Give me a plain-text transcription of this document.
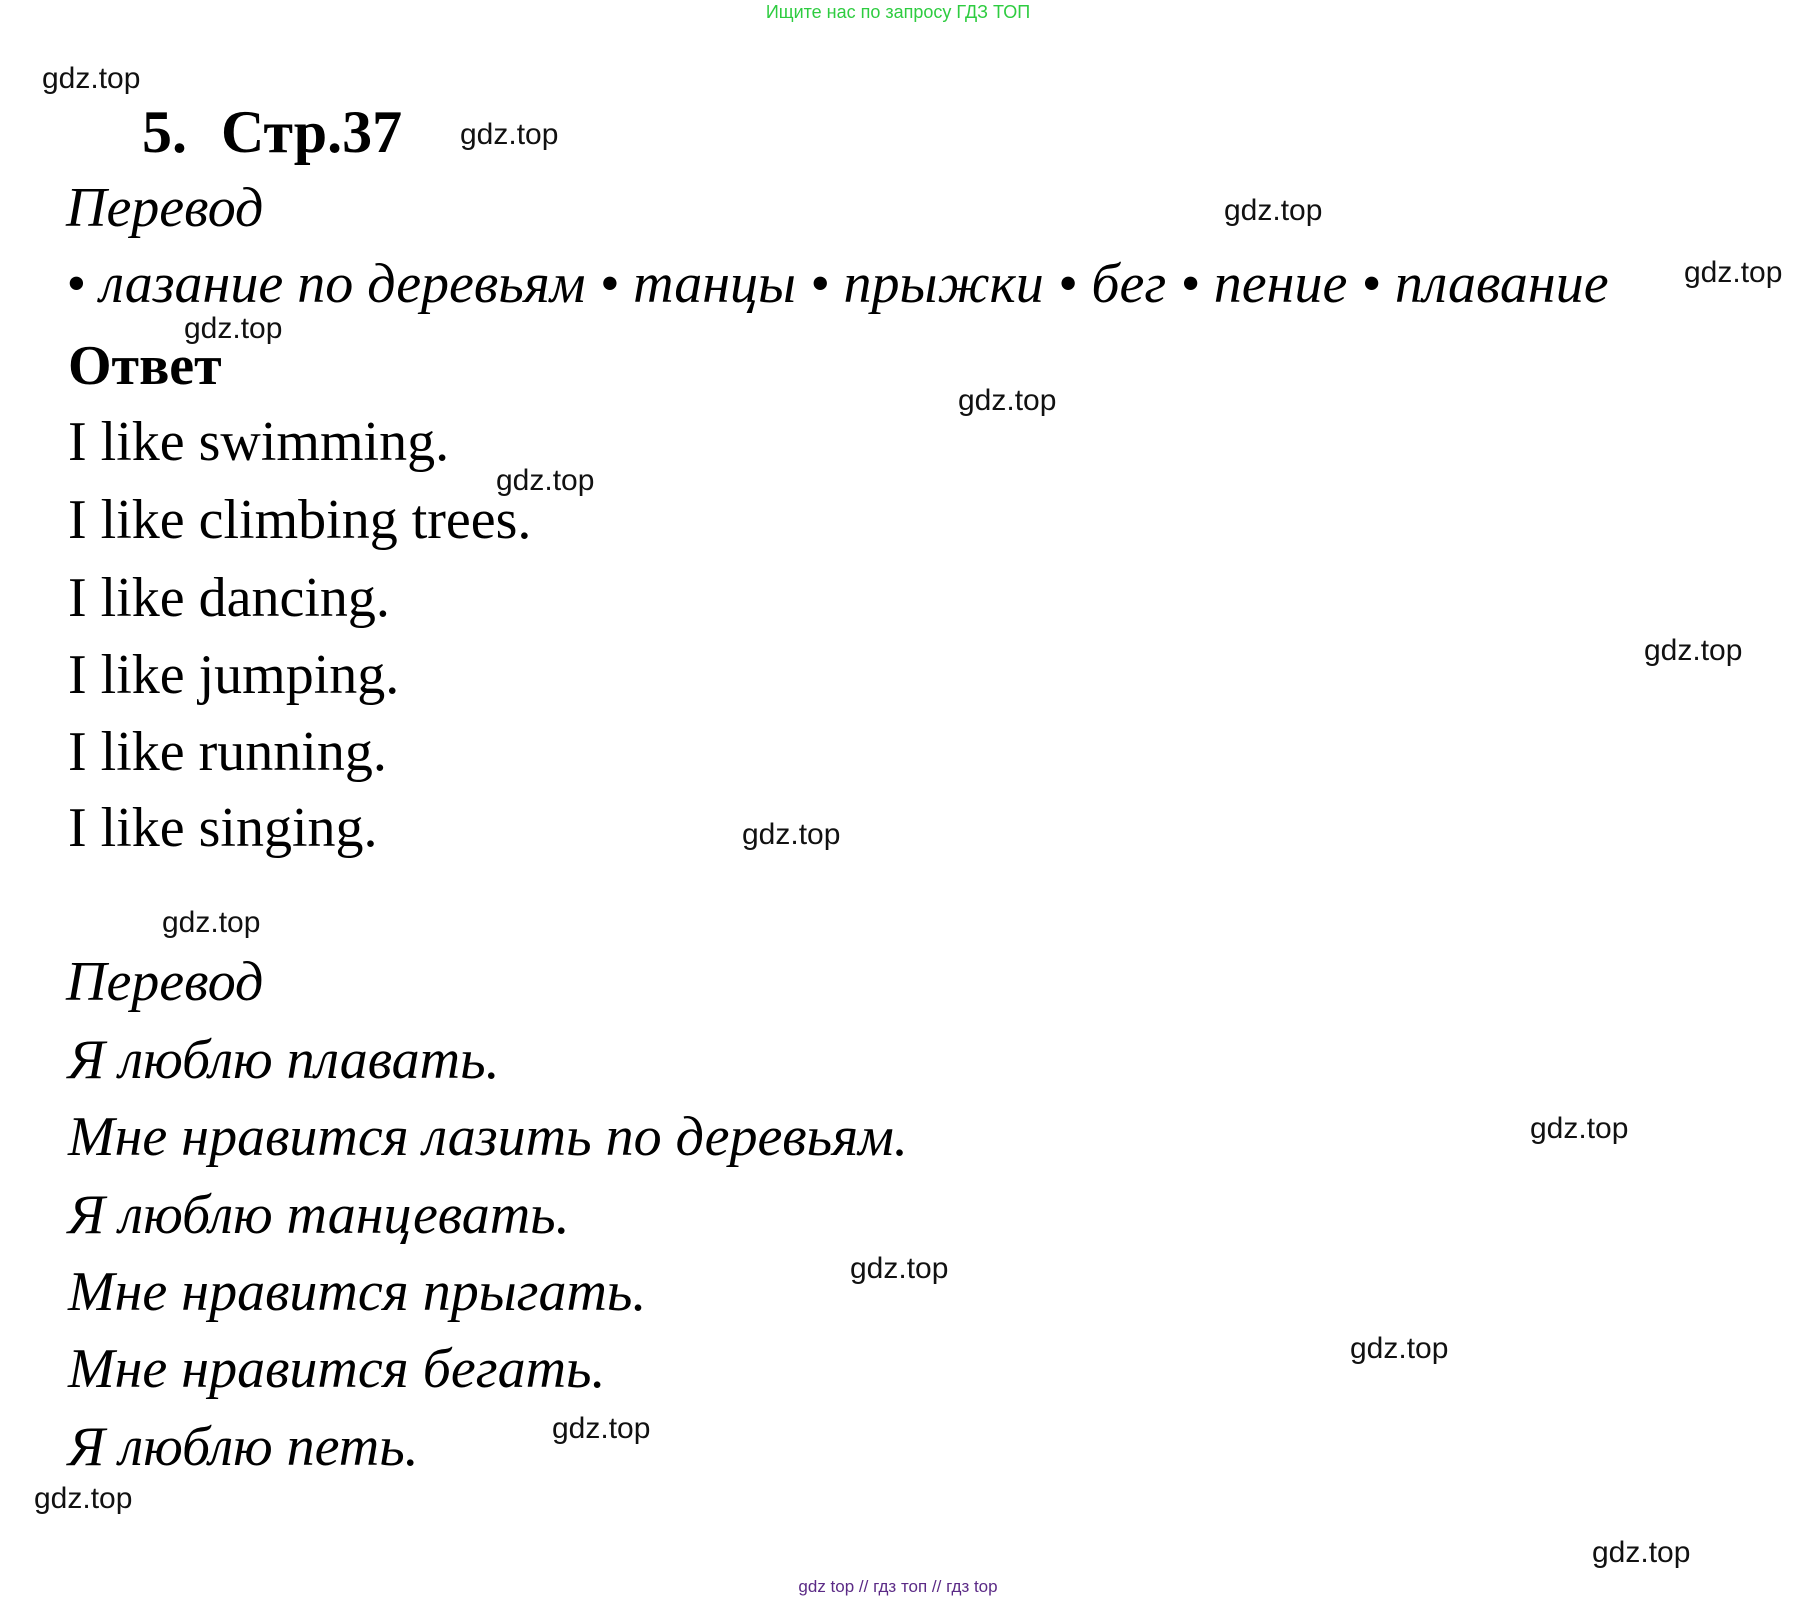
Ищите нас по запросу ГДЗ ТОП
gdz.top
gdz.top
gdz.top
gdz.top
gdz.top
gdz.top
gdz.top
gdz.top
gdz.top
gdz.top
gdz.top
gdz.top
gdz.top
gdz.top
gdz.top
gdz.top
5. Стр.37
Перевод
• лазание по деревьям • танцы • прыжки • бег • пение • плавание
Ответ
I like swimming.
I like climbing trees.
I like dancing.
I like jumping.
I like running.
I like singing.
Перевод
Я люблю плавать.
Мне нравится лазить по деревьям.
Я люблю танцевать.
Мне нравится прыгать.
Мне нравится бегать.
Я люблю петь.
gdz top // гдз топ // гдз top
